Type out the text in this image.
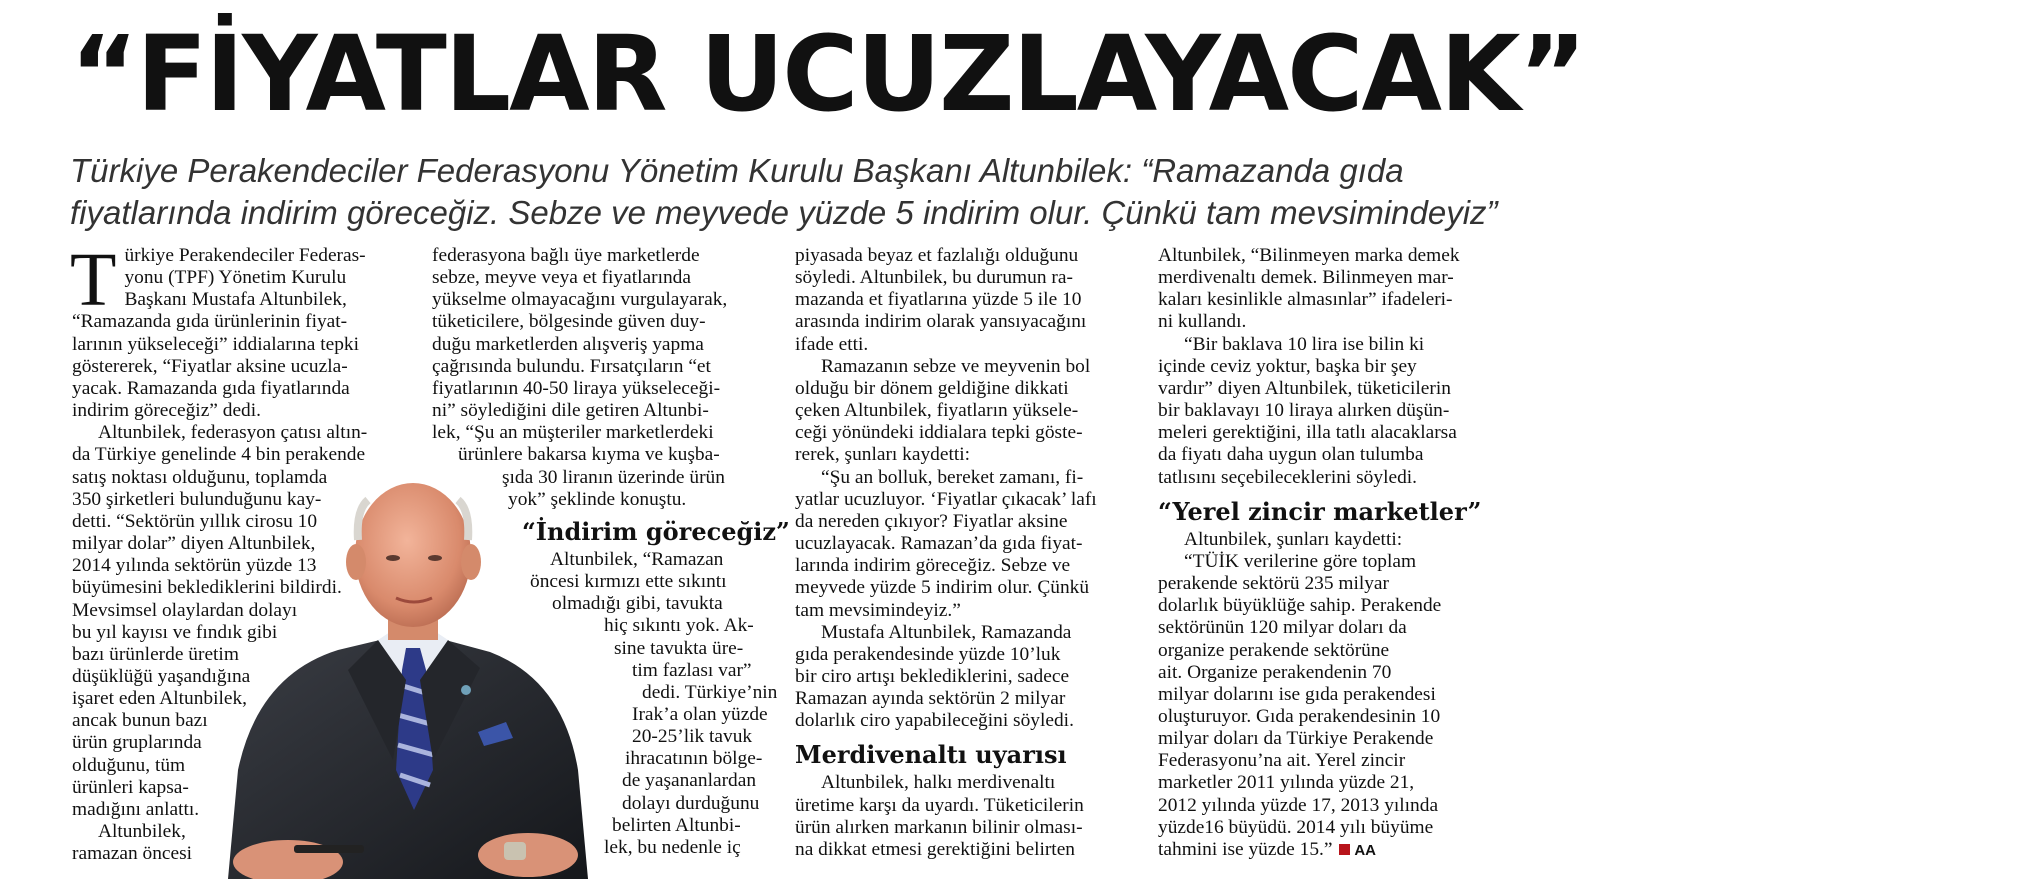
“FİYATLAR UCUZLAYACAK”
Türkiye Perakendeciler Federasyonu Yönetim Kurulu Başkanı Altunbilek: “Ramazanda gıda
fiyatlarında indirim göreceğiz. Sebze ve meyvede yüzde 5 indirim olur. Çünkü tam mevsimindeyiz”
T ürkiye Perakendeciler Federas-

yonu (TPF) Yönetim Kurulu

Başkanı Mustafa Altunbilek,

“Ramazanda gıda ürünlerinin fiyat-

larının yükseleceği” iddialarına tepki

göstererek, “Fiyatlar aksine ucuzla-

yacak. Ramazanda gıda fiyatlarında

indirim göreceğiz” dedi.

Altunbilek, federasyon çatısı altın-

da Türkiye genelinde 4 bin perakende

satış noktası olduğunu, toplamda

350 şirketleri bulunduğunu kay-

detti. “Sektörün yıllık cirosu 10

milyar dolar” diyen Altunbilek,

2014 yılında sektörün yüzde 13

büyümesini beklediklerini bildirdi.

Mevsimsel olaylardan dolayı

bu yıl kayısı ve fındık gibi

bazı ürünlerde üretim

düşüklüğü yaşandığına

işaret eden Altunbilek,

ancak bunun bazı

ürün gruplarında

olduğunu, tüm

ürünleri kapsa-

madığını anlattı.

Altunbilek,

ramazan öncesi

federasyona bağlı üye marketlerde

sebze, meyve veya et fiyatlarında

yükselme olmayacağını vurgulayarak,

tüketicilere, bölgesinde güven duy-

duğu marketlerden alışveriş yapma

çağrısında bulundu. Fırsatçıların “et

fiyatlarının 40-50 liraya yükseleceği-

ni” söylediğini dile getiren Altunbi-

lek, “Şu an müşteriler marketlerdeki

ürünlere bakarsa kıyma ve kuşba-

şıda 30 liranın üzerinde ürün

yok” şeklinde konuştu.

“İndirim göreceğiz”

Altunbilek, “Ramazan

öncesi kırmızı ette sıkıntı

olmadığı gibi, tavukta

hiç sıkıntı yok. Ak-

sine tavukta üre-

tim fazlası var”

dedi. Türkiye’nin

Irak’a olan yüzde

20-25’lik tavuk

ihracatının bölge-

de yaşananlardan

dolayı durduğunu

belirten Altunbi-

lek, bu nedenle iç

piyasada beyaz et fazlalığı olduğunu

söyledi. Altunbilek, bu durumun ra-

mazanda et fiyatlarına yüzde 5 ile 10

arasında indirim olarak yansıyacağını

ifade etti.

Ramazanın sebze ve meyvenin bol

olduğu bir dönem geldiğine dikkati

çeken Altunbilek, fiyatların yükselе-

ceği yönündeki iddialara tepki göste-

rerek, şunları kaydetti:

“Şu an bolluk, bereket zamanı, fi-

yatlar ucuzluyor. ‘Fiyatlar çıkacak’ lafı

da nereden çıkıyor? Fiyatlar aksine

ucuzlayacak. Ramazan’da gıda fiyat-

larında indirim göreceğiz. Sebze ve

meyvede yüzde 5 indirim olur. Çünkü

tam mevsimindeyiz.”

Mustafa Altunbilek, Ramazanda

gıda perakendesinde yüzde 10’luk

bir ciro artışı beklediklerini, sadece

Ramazan ayında sektörün 2 milyar

dolarlık ciro yapabileceğini söyledi.

Merdivenaltı uyarısı

Altunbilek, halkı merdivenaltı

üretime karşı da uyardı. Tüketicilerin

ürün alırken markanın bilinir olması-

na dikkat etmesi gerektiğini belirten

Altunbilek, “Bilinmeyen marka demek

merdivenaltı demek. Bilinmeyen mar-

kaları kesinlikle almasınlar” ifadeleri-

ni kullandı.

“Bir baklava 10 lira ise bilin ki

içinde ceviz yoktur, başka bir şey

vardır” diyen Altunbilek, tüketicilerin

bir baklavayı 10 liraya alırken düşün-

meleri gerektiğini, illa tatlı alacaklarsa

da fiyatı daha uygun olan tulumba

tatlısını seçebileceklerini söyledi.

“Yerel zincir marketler”

Altunbilek, şunları kaydetti:

“TÜİK verilerine göre toplam

perakende sektörü 235 milyar

dolarlık büyüklüğe sahip. Perakende

sektörünün 120 milyar doları da

organize perakende sektörüne

ait. Organize perakendenin 70

milyar dolarını ise gıda perakendesi

oluşturuyor. Gıda perakendesinin 10

milyar doları da Türkiye Perakende

Federasyonu’na ait. Yerel zincir

marketler 2011 yılında yüzde 21,

2012 yılında yüzde 17, 2013 yılında

yüzde16 büyüdü. 2014 yılı büyüme

tahmini ise yüzde 15.” AA
